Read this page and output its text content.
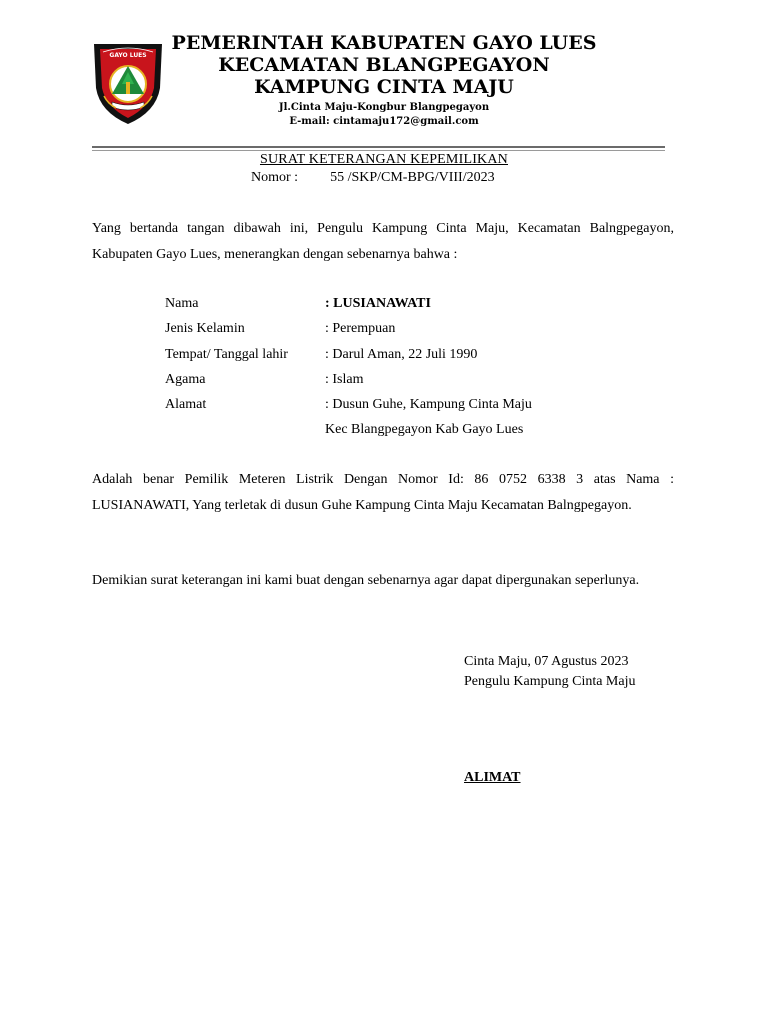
GAYO LUES
PEMERINTAH KABUPATEN GAYO LUES
KECAMATAN BLANGPEGAYON
KAMPUNG CINTA MAJU
Jl.Cinta Maju-Kongbur Blangpegayon
E-mail: cintamaju172@gmail.com
SURAT KETERANGAN KEPEMILIKAN
Nomor : 55 /SKP/CM-BPG/VIII/2023
Yang bertanda tangan dibawah ini, Pengulu Kampung Cinta Maju, Kecamatan Balngpegayon, Kabupaten Gayo Lues, menerangkan dengan sebenarnya bahwa :
Nama	: LUSIANAWATI
Jenis Kelamin	: Perempuan
Tempat/ Tanggal lahir	: Darul Aman, 22 Juli 1990
Agama	: Islam
Alamat	: Dusun Guhe, Kampung Cinta Maju
Kec Blangpegayon Kab Gayo Lues
Adalah benar Pemilik Meteren Listrik Dengan Nomor Id: 86 0752 6338 3 atas Nama : LUSIANAWATI, Yang terletak di dusun Guhe Kampung Cinta Maju Kecamatan Balngpegayon.
Demikian surat keterangan ini kami buat dengan sebenarnya agar dapat dipergunakan seperlunya.
Cinta Maju, 07 Agustus 2023
Pengulu Kampung Cinta Maju
ALIMAT
